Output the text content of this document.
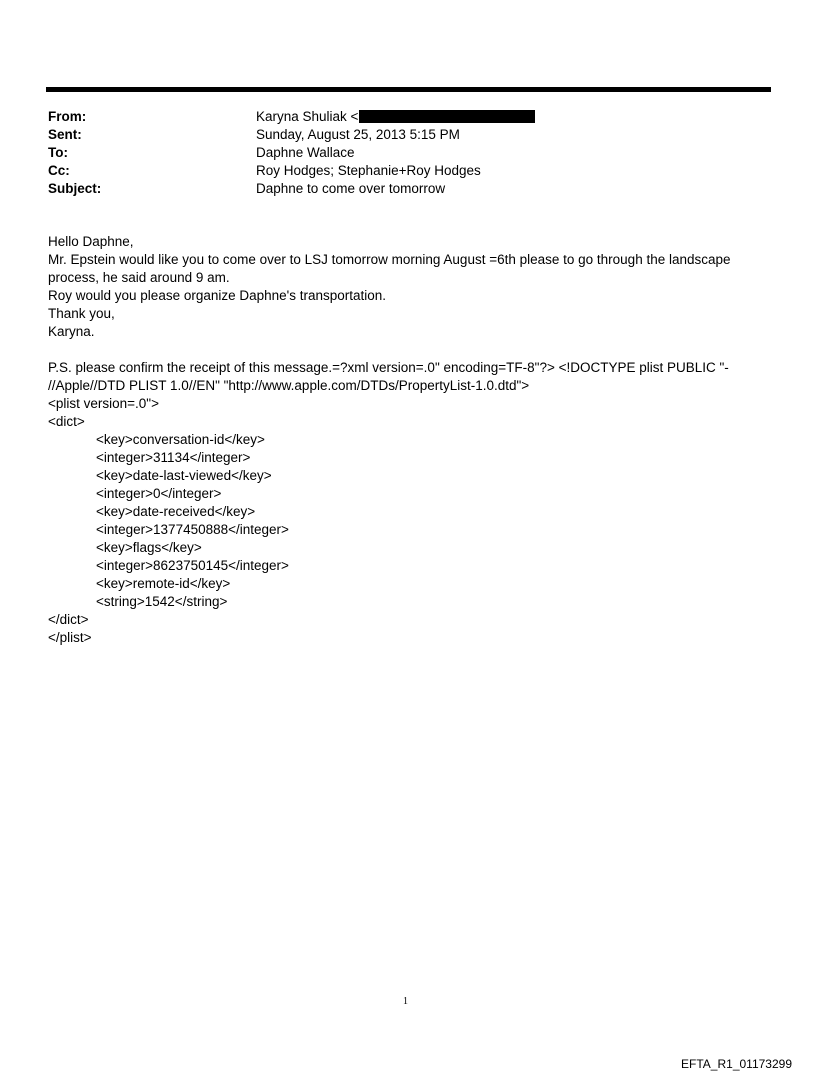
From:	Karyna Shuliak <
Sent:	Sunday, August 25, 2013 5:15 PM
To:	Daphne Wallace
Cc:	Roy Hodges; Stephanie+Roy Hodges
Subject:	Daphne to come over tomorrow
Hello Daphne,
Mr. Epstein would like you to come over to LSJ tomorrow morning August =6th please to go through the landscape
process, he said around 9 am.
Roy would you please organize Daphne's transportation.
Thank you,
Karyna.
P.S. please confirm the receipt of this message.=?xml version=.0" encoding=TF-8"?> <!DOCTYPE plist PUBLIC "-
//Apple//DTD PLIST 1.0//EN" "http://www.apple.com/DTDs/PropertyList-1.0.dtd">
<plist version=.0">
<dict>
<key>conversation-id</key>
<integer>31134</integer>
<key>date-last-viewed</key>
<integer>0</integer>
<key>date-received</key>
<integer>1377450888</integer>
<key>flags</key>
<integer>8623750145</integer>
<key>remote-id</key>
<string>1542</string>
</dict>
</plist>
1
EFTA_R1_01173299
